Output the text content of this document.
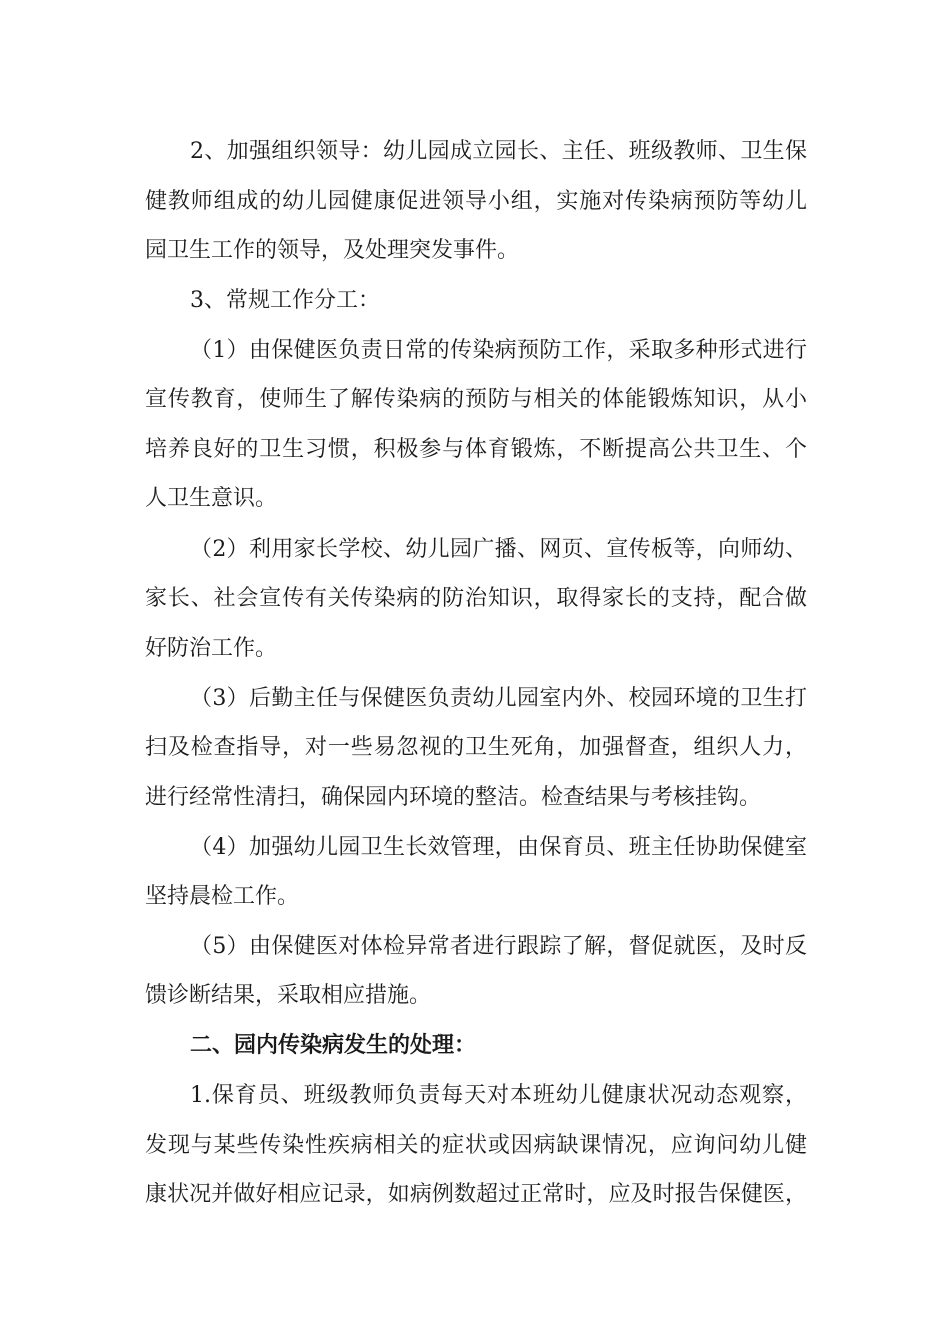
2、加强组织领导：幼儿园成立园长、主任、班级教师、卫生保
健教师组成的幼儿园健康促进领导小组，实施对传染病预防等幼儿
园卫生工作的领导，及处理突发事件。
3、常规工作分工：
（1）由保健医负责日常的传染病预防工作，采取多种形式进行
宣传教育，使师生了解传染病的预防与相关的体能锻炼知识，从小
培养良好的卫生习惯，积极参与体育锻炼，不断提高公共卫生、个
人卫生意识。
（2）利用家长学校、幼儿园广播、网页、宣传板等，向师幼、
家长、社会宣传有关传染病的防治知识，取得家长的支持，配合做
好防治工作。
（3）后勤主任与保健医负责幼儿园室内外、校园环境的卫生打
扫及检查指导，对一些易忽视的卫生死角，加强督查，组织人力，
进行经常性清扫，确保园内环境的整洁。检查结果与考核挂钩。
（4）加强幼儿园卫生长效管理，由保育员、班主任协助保健室
坚持晨检工作。
（5）由保健医对体检异常者进行跟踪了解，督促就医，及时反
馈诊断结果，采取相应措施。
二、园内传染病发生的处理：
1.保育员、班级教师负责每天对本班幼儿健康状况动态观察，
发现与某些传染性疾病相关的症状或因病缺课情况，应询问幼儿健
康状况并做好相应记录，如病例数超过正常时，应及时报告保健医，
